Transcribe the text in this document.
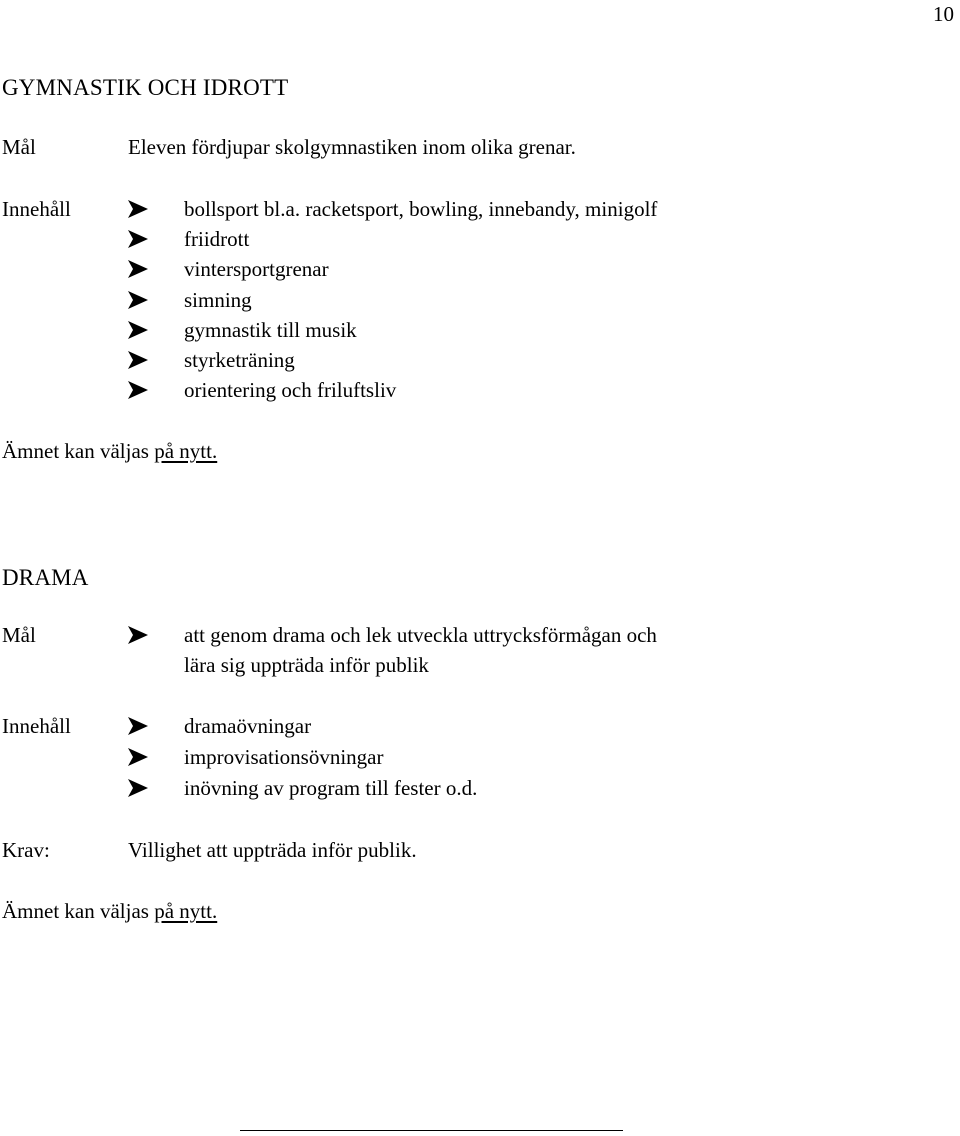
10
GYMNASTIK OCH IDROTT
Mål	Eleven fördjupar skolgymnastiken inom olika grenar.
Innehåll	bollsport bl.a. racketsport, bowling, innebandy, minigolf
friidrott
vintersportgrenar
simning
gymnastik till musik
styrketräning
orientering och friluftsliv
Ämnet kan väljas på nytt.
DRAMA
Mål	att genom drama och lek utveckla uttrycksförmågan och
lära sig uppträda inför publik
Innehåll	dramaövningar
improvisationsövningar
inövning av program till fester o.d.
Krav:	Villighet att uppträda inför publik.
Ämnet kan väljas på nytt.
